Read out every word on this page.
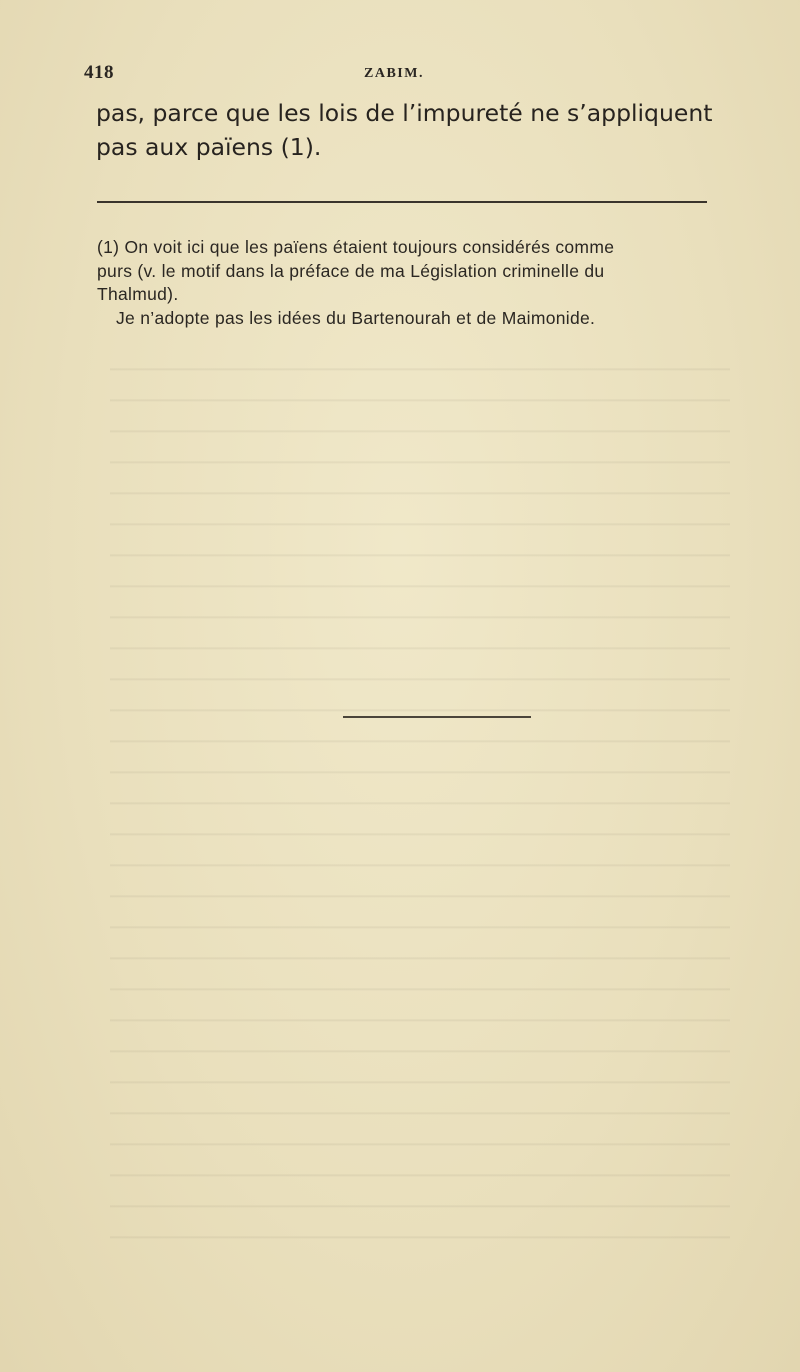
418	ZABIM.

pas, parce que les lois de l’impureté ne s’appliquent
pas aux païens (1).

(1) On voit ici que les païens étaient toujours considérés comme
purs (v. le motif dans la préface de ma Législation criminelle du
Thalmud).
Je n’adopte pas les idées du Bartenourah et de Maimonide.
